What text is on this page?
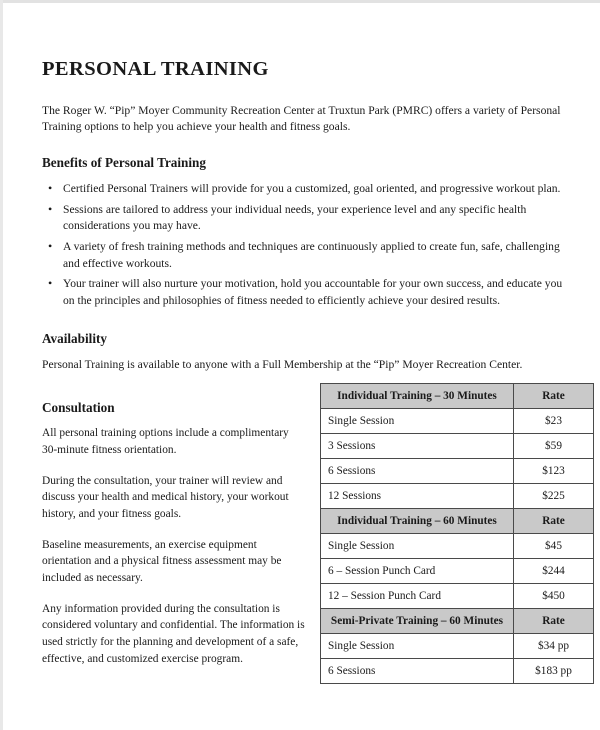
PERSONAL TRAINING

The Roger W. “Pip” Moyer Community Recreation Center at Truxtun Park (PMRC) offers a variety of Personal Training options to help you achieve your health and fitness goals.

Benefits of Personal Training
• Certified Personal Trainers will provide for you a customized, goal oriented, and progressive workout plan.
• Sessions are tailored to address your individual needs, your experience level and any specific health considerations you may have.
• A variety of fresh training methods and techniques are continuously applied to create fun, safe, challenging and effective workouts.
• Your trainer will also nurture your motivation, hold you accountable for your own success, and educate you on the principles and philosophies of fitness needed to efficiently achieve your desired results.
Availability

Personal Training is available to anyone with a Full Membership at the “Pip” Moyer Recreation Center.

Consultation

All personal training options include a complimentary 30-minute fitness orientation.

During the consultation, your trainer will review and discuss your health and medical history, your workout history, and your fitness goals.

Baseline measurements, an exercise equipment orientation and a physical fitness assessment may be included as necessary.

Any information provided during the consultation is considered voluntary and confidential. The information is used strictly for the planning and development of a safe, effective, and customized exercise program.

Individual Training – 30 Minutes	Rate
Single Session	$23
3 Sessions	$59
6 Sessions	$123
12 Sessions	$225
Individual Training – 60 Minutes	Rate
Single Session	$45
6 – Session Punch Card	$244
12 – Session Punch Card	$450
Semi-Private Training – 60 Minutes	Rate
Single Session	$34 pp
6 Sessions	$183 pp
